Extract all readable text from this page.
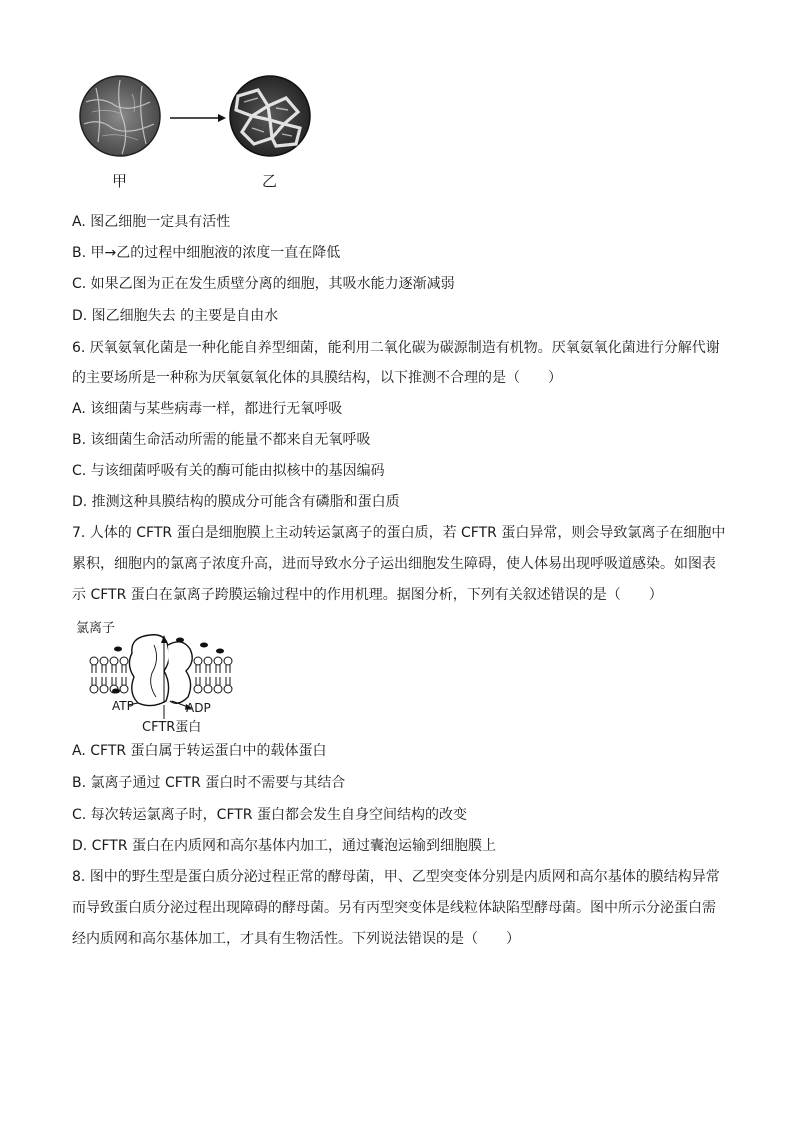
甲	乙
A. 图乙细胞一定具有活性
B. 甲→乙的过程中细胞液的浓度一直在降低
C. 如果乙图为正在发生质壁分离的细胞，其吸水能力逐渐减弱
D. 图乙细胞失去 的主要是自由水
6. 厌氧氨氧化菌是一种化能自养型细菌，能利用二氧化碳为碳源制造有机物。厌氧氨氧化菌进行分解代谢
的主要场所是一种称为厌氧氨氧化体的具膜结构，以下推测不合理的是（　　）
A. 该细菌与某些病毒一样，都进行无氧呼吸
B. 该细菌生命活动所需的能量不都来自无氧呼吸
C. 与该细菌呼吸有关的酶可能由拟核中的基因编码
D. 推测这种具膜结构的膜成分可能含有磷脂和蛋白质
7. 人体的 CFTR 蛋白是细胞膜上主动转运氯离子的蛋白质，若 CFTR 蛋白异常，则会导致氯离子在细胞中
累积，细胞内的氯离子浓度升高，进而导致水分子运出细胞发生障碍，使人体易出现呼吸道感染。如图表
示 CFTR 蛋白在氯离子跨膜运输过程中的作用机理。据图分析，下列有关叙述错误的是（　　）
氯离子
ATP	ADP
CFTR蛋白
A. CFTR 蛋白属于转运蛋白中的载体蛋白
B. 氯离子通过 CFTR 蛋白时不需要与其结合
C. 每次转运氯离子时，CFTR 蛋白都会发生自身空间结构的改变
D. CFTR 蛋白在内质网和高尔基体内加工，通过囊泡运输到细胞膜上
8. 图中的野生型是蛋白质分泌过程正常的酵母菌，甲、乙型突变体分别是内质网和高尔基体的膜结构异常
而导致蛋白质分泌过程出现障碍的酵母菌。另有丙型突变体是线粒体缺陷型酵母菌。图中所示分泌蛋白需
经内质网和高尔基体加工，才具有生物活性。下列说法错误的是（　　）
